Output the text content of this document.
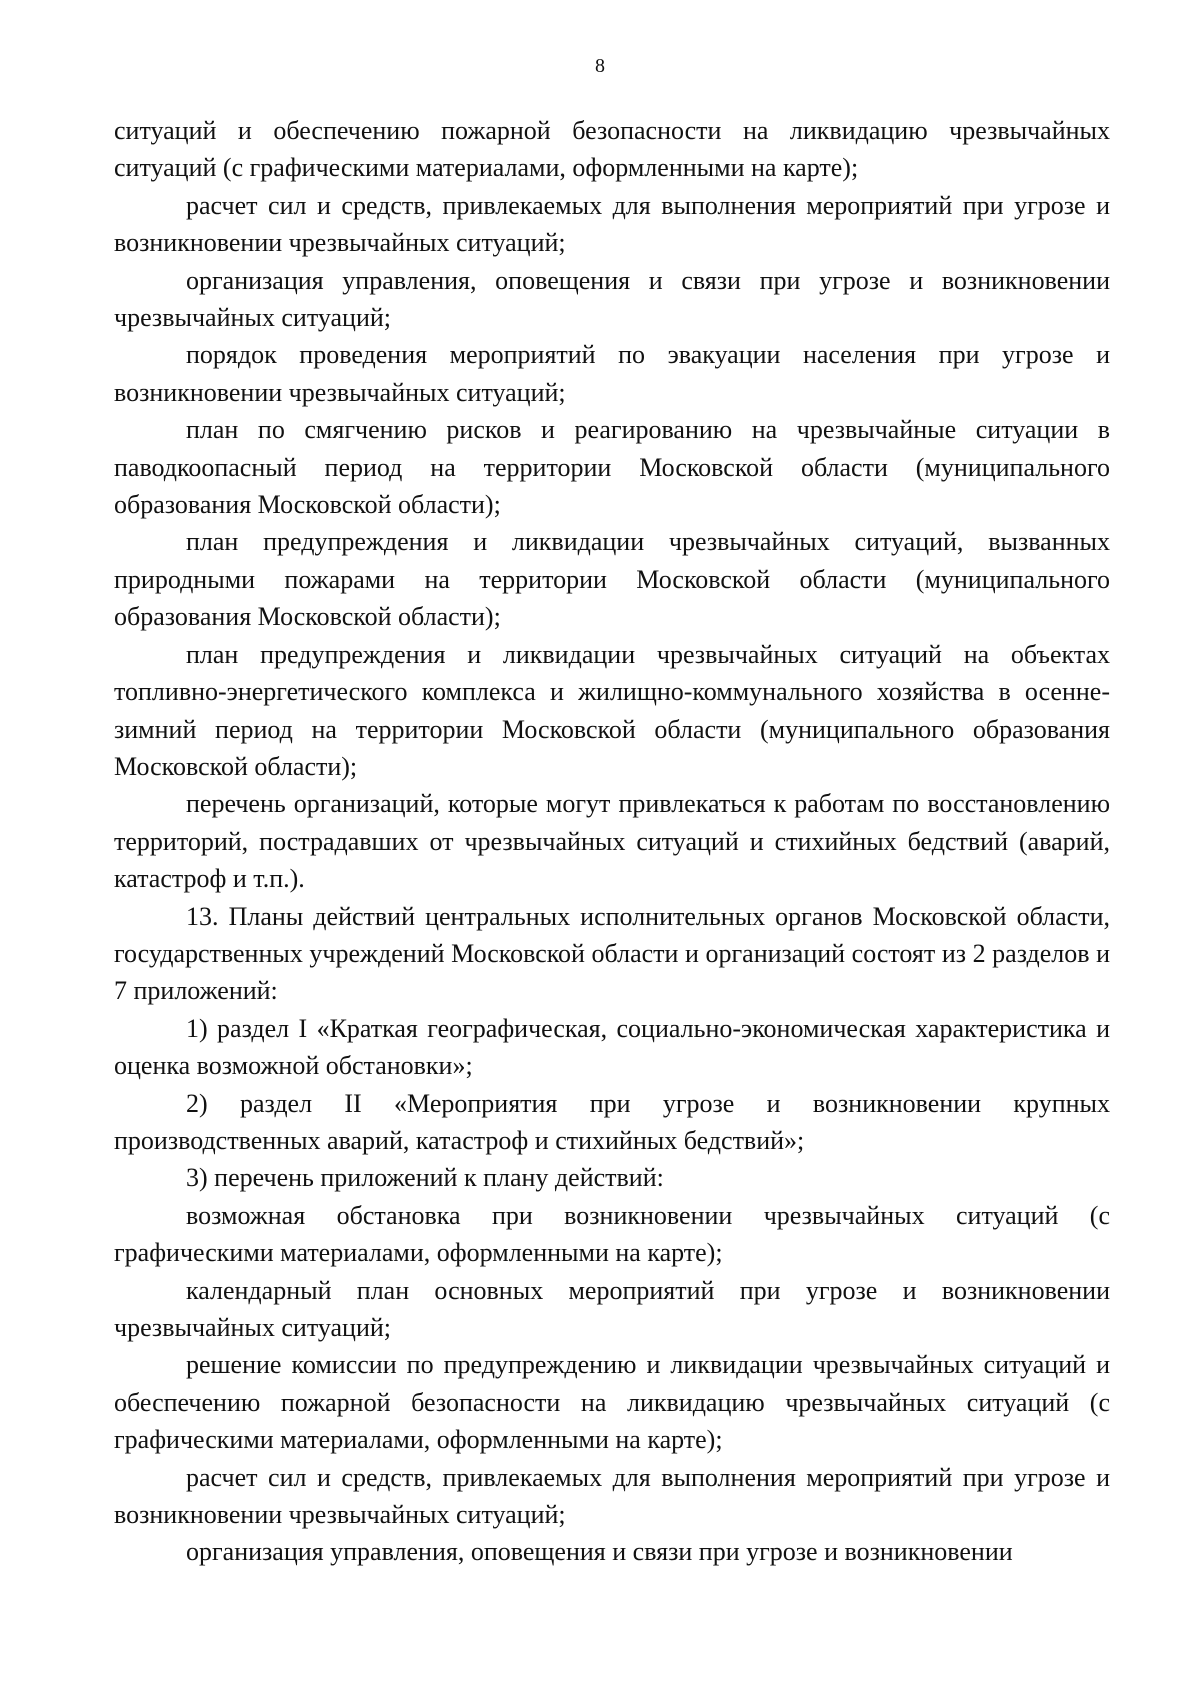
8

ситуаций и обеспечению пожарной безопасности на ликвидацию чрезвычайных ситуаций (с графическими материалами, оформленными на карте);

расчет сил и средств, привлекаемых для выполнения мероприятий при угрозе и возникновении чрезвычайных ситуаций;

организация управления, оповещения и связи при угрозе и возникновении чрезвычайных ситуаций;

порядок проведения мероприятий по эвакуации населения при угрозе и возникновении чрезвычайных ситуаций;

план по смягчению рисков и реагированию на чрезвычайные ситуации в паводкоопасный период на территории Московской области (муниципального образования Московской области);

план предупреждения и ликвидации чрезвычайных ситуаций, вызванных природными пожарами на территории Московской области (муниципального образования Московской области);

план предупреждения и ликвидации чрезвычайных ситуаций на объектах топливно-энергетического комплекса и жилищно-коммунального хозяйства в осенне-зимний период на территории Московской области (муниципального образования Московской области);

перечень организаций, которые могут привлекаться к работам по восстановлению территорий, пострадавших от чрезвычайных ситуаций и стихийных бедствий (аварий, катастроф и т.п.).

13. Планы действий центральных исполнительных органов Московской области, государственных учреждений Московской области и организаций состоят из 2 разделов и 7 приложений:

1) раздел I «Краткая географическая, социально-экономическая характеристика и оценка возможной обстановки»;

2) раздел II «Мероприятия при угрозе и возникновении крупных производственных аварий, катастроф и стихийных бедствий»;

3) перечень приложений к плану действий:

возможная обстановка при возникновении чрезвычайных ситуаций (с графическими материалами, оформленными на карте);

календарный план основных мероприятий при угрозе и возникновении чрезвычайных ситуаций;

решение комиссии по предупреждению и ликвидации чрезвычайных ситуаций и обеспечению пожарной безопасности на ликвидацию чрезвычайных ситуаций (с графическими материалами, оформленными на карте);

расчет сил и средств, привлекаемых для выполнения мероприятий при угрозе и возникновении чрезвычайных ситуаций;

организация управления, оповещения и связи при угрозе и возникновении
